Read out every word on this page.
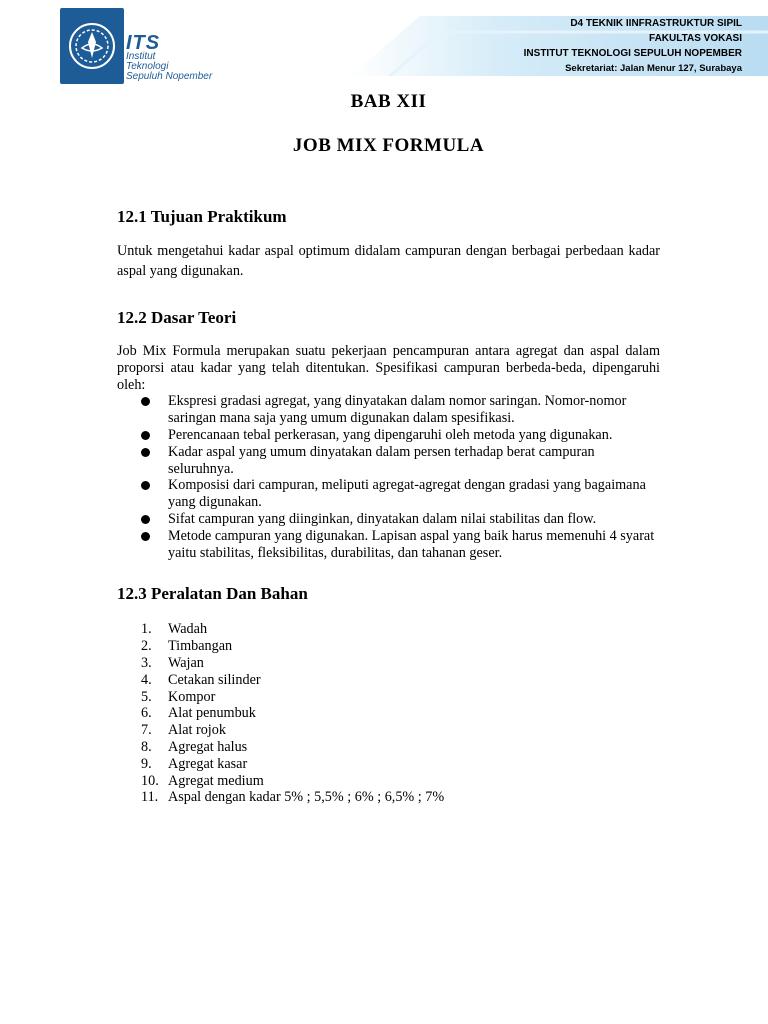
ITS
Institut
Teknologi
Sepuluh Nopember
D4 TEKNIK IINFRASTRUKTUR SIPIL
FAKULTAS VOKASI
INSTITUT TEKNOLOGI SEPULUH NOPEMBER
Sekretariat: Jalan Menur 127, Surabaya
BAB XII
JOB MIX FORMULA
12.1 Tujuan Praktikum

Untuk mengetahui kadar aspal optimum didalam campuran dengan berbagai perbedaan kadar aspal yang digunakan.

12.2 Dasar Teori

Job Mix Formula merupakan suatu pekerjaan pencampuran antara agregat dan aspal dalam proporsi atau kadar yang telah ditentukan. Spesifikasi campuran berbeda-beda, dipengaruhi oleh:

Ekspresi gradasi agregat, yang dinyatakan dalam nomor saringan. Nomor-nomor saringan mana saja yang umum digunakan dalam spesifikasi.
Perencanaan tebal perkerasan, yang dipengaruhi oleh metoda yang digunakan.
Kadar aspal yang umum dinyatakan dalam persen terhadap berat campuran seluruhnya.
Komposisi dari campuran, meliputi agregat-agregat dengan gradasi yang bagaimana yang digunakan.
Sifat campuran yang diinginkan, dinyatakan dalam nilai stabilitas dan flow.
Metode campuran yang digunakan. Lapisan aspal yang baik harus memenuhi 4 syarat yaitu stabilitas, fleksibilitas, durabilitas, dan tahanan geser.
12.3 Peralatan Dan Bahan
1. Wadah
2. Timbangan
3. Wajan
4. Cetakan silinder
5. Kompor
6. Alat penumbuk
7. Alat rojok
8. Agregat halus
9. Agregat kasar
10. Agregat medium
11. Aspal dengan kadar 5% ; 5,5% ; 6% ; 6,5% ; 7%
